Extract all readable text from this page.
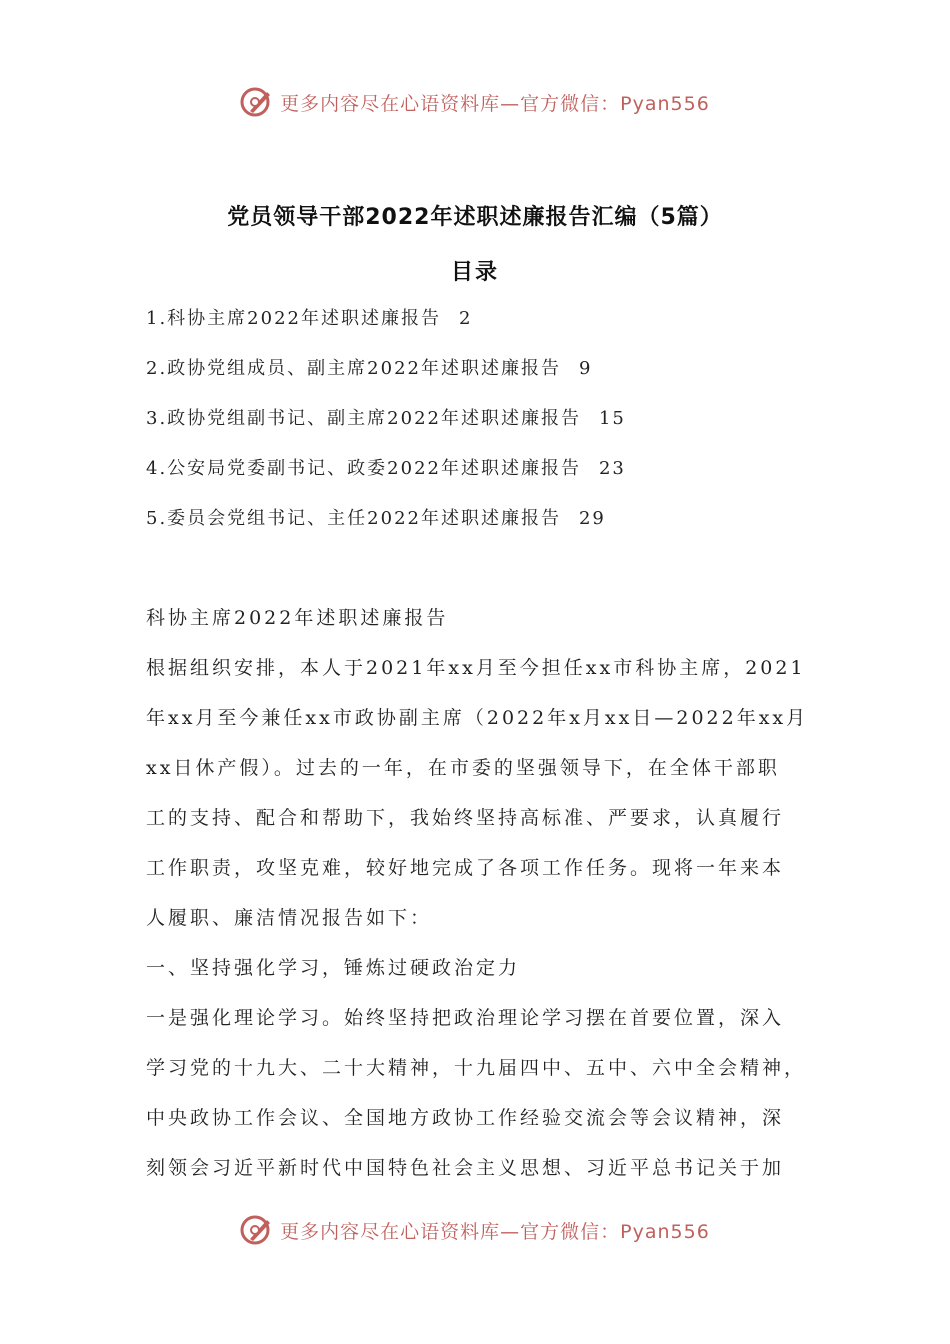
更多内容尽在心语资料库—官方微信：Pyan556
党员领导干部2022年述职述廉报告汇编（5篇）
目录
1.科协主席2022年述职述廉报告 2
2.政协党组成员、副主席2022年述职述廉报告 9
3.政协党组副书记、副主席2022年述职述廉报告 15
4.公安局党委副书记、政委2022年述职述廉报告 23
5.委员会党组书记、主任2022年述职述廉报告 29
科协主席2022年述职述廉报告
根据组织安排，本人于2021年xx月至今担任xx市科协主席，2021
年xx月至今兼任xx市政协副主席（2022年x月xx日—2022年xx月
xx日休产假）。过去的一年，在市委的坚强领导下，在全体干部职
工的支持、配合和帮助下，我始终坚持高标准、严要求，认真履行
工作职责，攻坚克难，较好地完成了各项工作任务。现将一年来本
人履职、廉洁情况报告如下：
一、坚持强化学习，锤炼过硬政治定力
一是强化理论学习。始终坚持把政治理论学习摆在首要位置，深入
学习党的十九大、二十大精神，十九届四中、五中、六中全会精神，
中央政协工作会议、全国地方政协工作经验交流会等会议精神，深
刻领会习近平新时代中国特色社会主义思想、习近平总书记关于加
更多内容尽在心语资料库—官方微信：Pyan556
